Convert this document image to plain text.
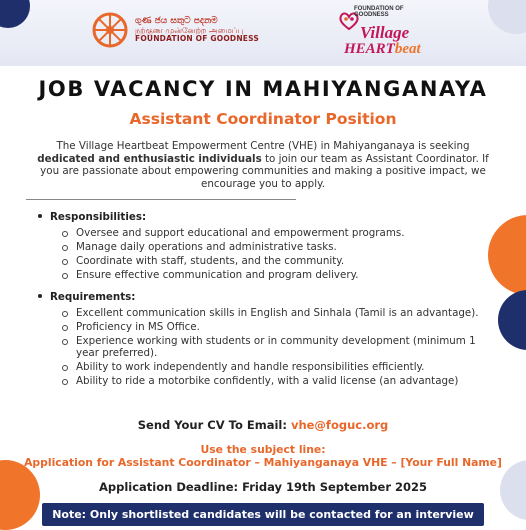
ගුණ ජය සතුට පදනම
நற்குண முன்னேற்ற அமைப்பு
FOUNDATION OF GOODNESS
FOUNDATION OF
GOODNESS
Village
HEARTbeat
JOB VACANCY IN MAHIYANGANAYA
Assistant Coordinator Position
The Village Heartbeat Empowerment Centre (VHE) in Mahiyanganaya is seeking dedicated and enthusiastic individuals to join our team as Assistant Coordinator. If you are passionate about empowering communities and making a positive impact, we encourage you to apply.
Responsibilities:
Oversee and support educational and empowerment programs.
Manage daily operations and administrative tasks.
Coordinate with staff, students, and the community.
Ensure effective communication and program delivery.
Requirements:
Excellent communication skills in English and Sinhala (Tamil is an advantage).
Proficiency in MS Office.
Experience working with students or in community development (minimum 1 year preferred).
Ability to work independently and handle responsibilities efficiently.
Ability to ride a motorbike confidently, with a valid license (an advantage)
Send Your CV To Email: vhe@foguc.org
Use the subject line:
Application for Assistant Coordinator – Mahiyanganaya VHE – [Your Full Name]
Application Deadline: Friday 19th September 2025
Note: Only shortlisted candidates will be contacted for an interview
